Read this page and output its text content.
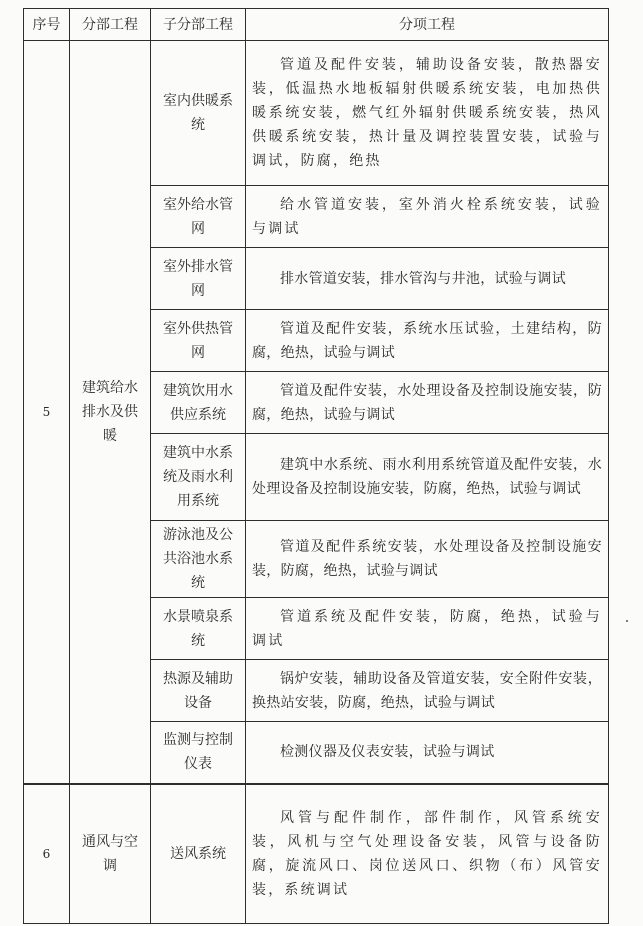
序号	分部工程	子分部工程	分项工程
5	建筑给水排水及供暖	室内供暖系统	管道及配件安装，辅助设备安装，散热器安装，低温热水地板辐射供暖系统安装，电加热供暖系统安装，燃气红外辐射供暖系统安装，热风供暖系统安装，热计量及调控装置安装，试验与调试，防腐，绝热
		室外给水管网	给水管道安装，室外消火栓系统安装，试验与调试
		室外排水管网	排水管道安装，排水管沟与井池，试验与调试
		室外供热管网	管道及配件安装，系统水压试验，土建结构，防腐，绝热，试验与调试
		建筑饮用水供应系统	管道及配件安装，水处理设备及控制设施安装，防腐，绝热，试验与调试
		建筑中水系统及雨水利用系统	建筑中水系统、雨水利用系统管道及配件安装，水处理设备及控制设施安装，防腐，绝热，试验与调试
		游泳池及公共浴池水系统	管道及配件系统安装，水处理设备及控制设施安装，防腐，绝热，试验与调试
		水景喷泉系统	管道系统及配件安装，防腐，绝热，试验与调试
		热源及辅助设备	锅炉安装，辅助设备及管道安装，安全附件安装，换热站安装，防腐，绝热，试验与调试
		监测与控制仪表	检测仪器及仪表安装，试验与调试
6	通风与空调	送风系统	风管与配件制作，部件制作，风管系统安装，风机与空气处理设备安装，风管与设备防腐，旋流风口、岗位送风口、织物（布）风管安装，系统调试
